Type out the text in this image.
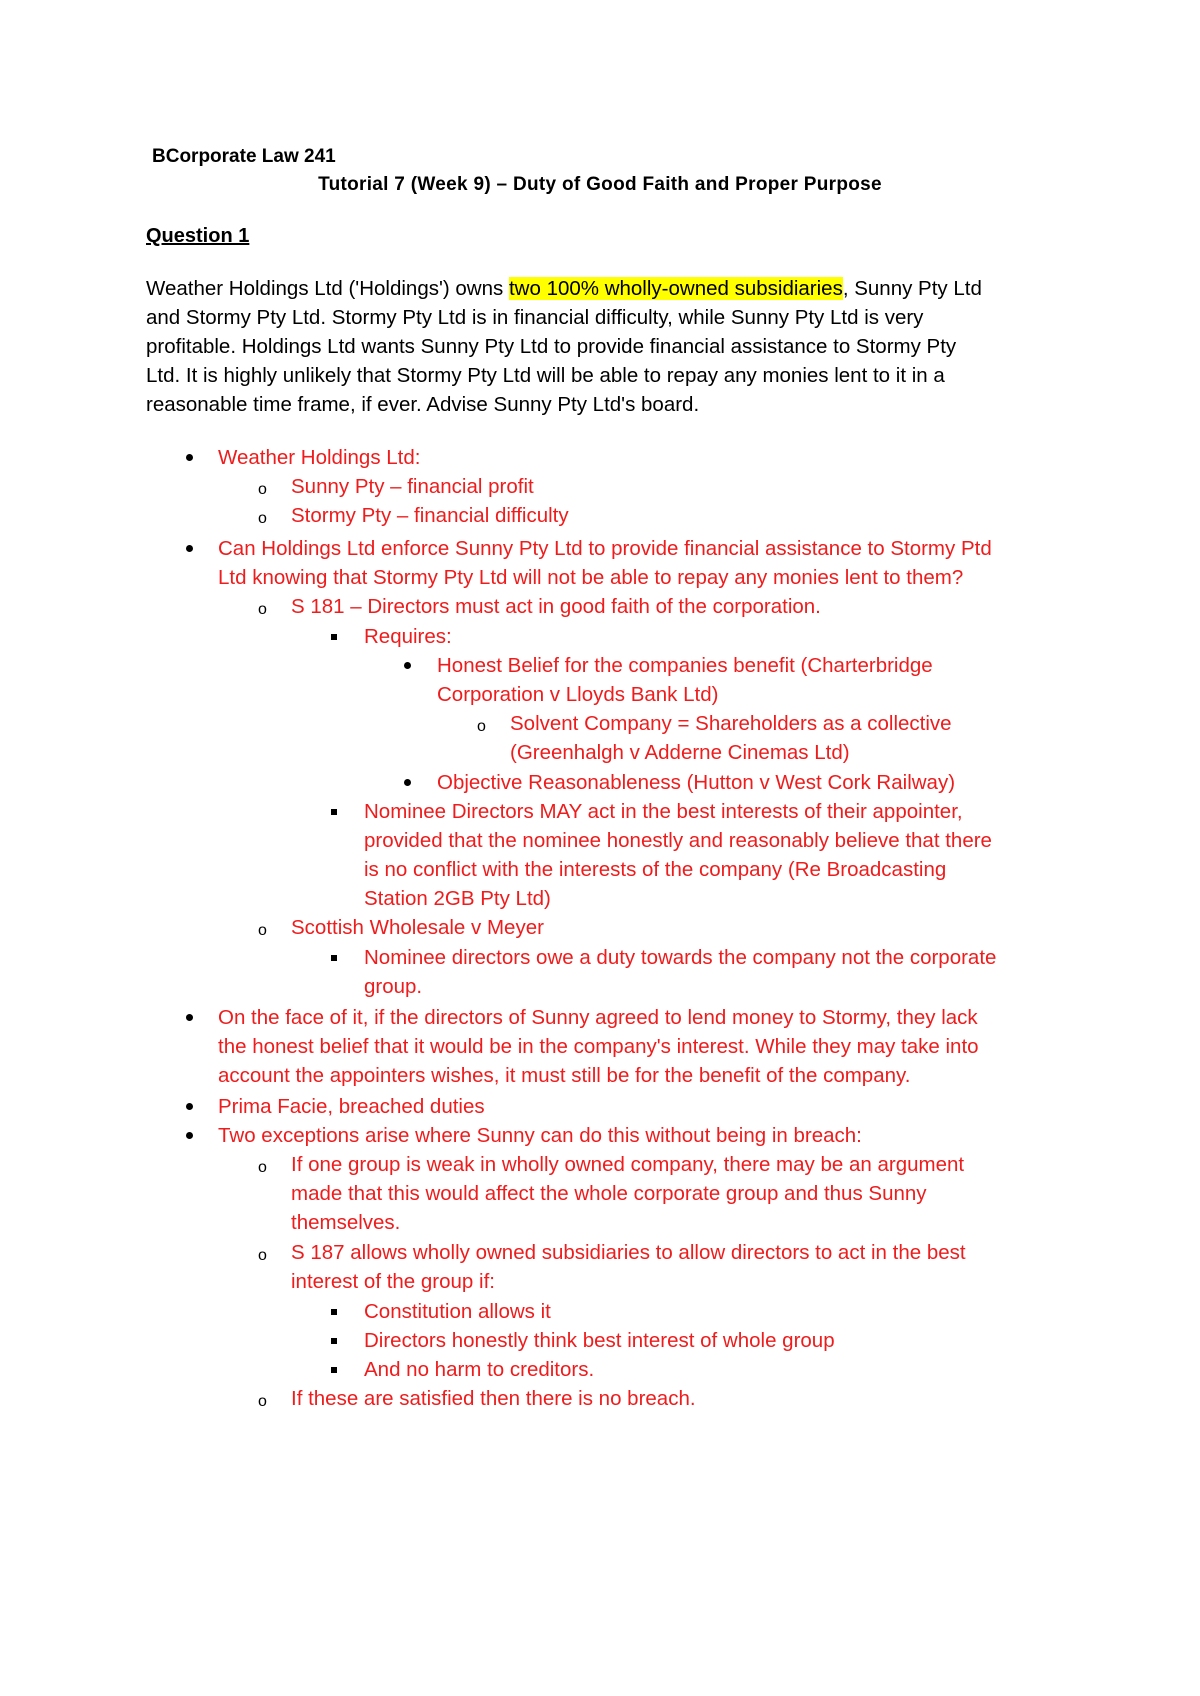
BCorporate Law 241
Tutorial 7 (Week 9) – Duty of Good Faith and Proper Purpose
Question 1

Weather Holdings Ltd ('Holdings') owns two 100% wholly-owned subsidiaries, Sunny Pty Ltd

and Stormy Pty Ltd. Stormy Pty Ltd is in financial difficulty, while Sunny Pty Ltd is very

profitable. Holdings Ltd wants Sunny Pty Ltd to provide financial assistance to Stormy Pty

Ltd. It is highly unlikely that Stormy Pty Ltd will be able to repay any monies lent to it in a

reasonable time frame, if ever. Advise Sunny Pty Ltd's board.

Weather Holdings Ltd:

o Sunny Pty – financial profit

o Stormy Pty – financial difficulty

Can Holdings Ltd enforce Sunny Pty Ltd to provide financial assistance to Stormy Ptd

Ltd knowing that Stormy Pty Ltd will not be able to repay any monies lent to them?

o S 181 – Directors must act in good faith of the corporation.

Requires:

Honest Belief for the companies benefit (Charterbridge

Corporation v Lloyds Bank Ltd)

o Solvent Company = Shareholders as a collective

(Greenhalgh v Adderne Cinemas Ltd)

Objective Reasonableness (Hutton v West Cork Railway)

Nominee Directors MAY act in the best interests of their appointer,

provided that the nominee honestly and reasonably believe that there

is no conflict with the interests of the company (Re Broadcasting

Station 2GB Pty Ltd)

o Scottish Wholesale v Meyer

Nominee directors owe a duty towards the company not the corporate

group.

On the face of it, if the directors of Sunny agreed to lend money to Stormy, they lack

the honest belief that it would be in the company's interest. While they may take into

account the appointers wishes, it must still be for the benefit of the company.

Prima Facie, breached duties

Two exceptions arise where Sunny can do this without being in breach:

o If one group is weak in wholly owned company, there may be an argument

made that this would affect the whole corporate group and thus Sunny

themselves.

o S 187 allows wholly owned subsidiaries to allow directors to act in the best

interest of the group if:

Constitution allows it

Directors honestly think best interest of whole group

And no harm to creditors.

o If these are satisfied then there is no breach.
